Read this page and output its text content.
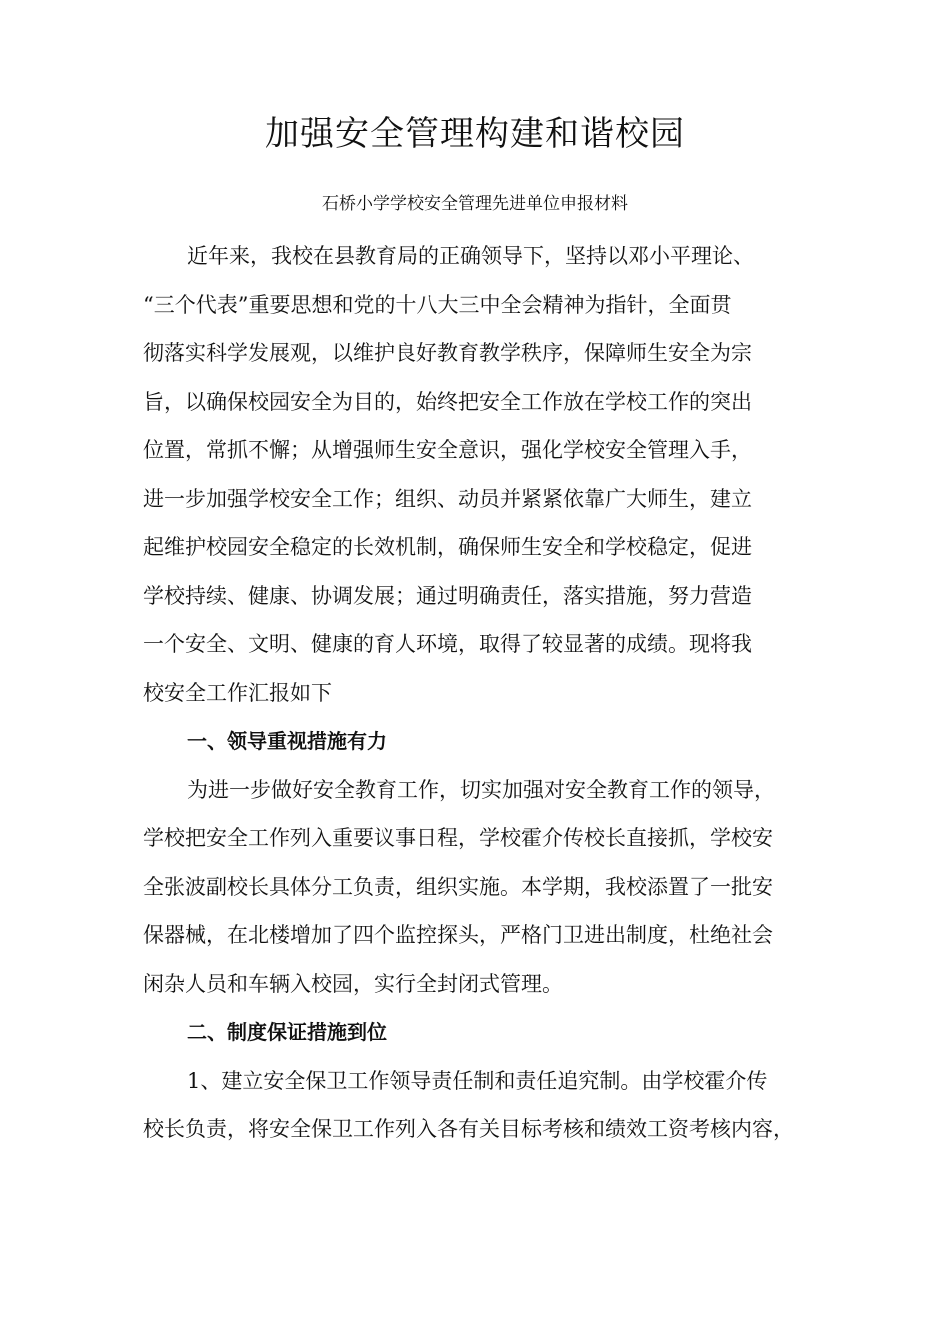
加强安全管理构建和谐校园

石桥小学学校安全管理先进单位申报材料

近年来，我校在县教育局的正确领导下，坚持以邓小平理论、
“三个代表”重要思想和党的十八大三中全会精神为指针，全面贯
彻落实科学发展观，以维护良好教育教学秩序，保障师生安全为宗
旨，以确保校园安全为目的，始终把安全工作放在学校工作的突出
位置，常抓不懈；从增强师生安全意识，强化学校安全管理入手，
进一步加强学校安全工作；组织、动员并紧紧依靠广大师生，建立
起维护校园安全稳定的长效机制，确保师生安全和学校稳定，促进
学校持续、健康、协调发展；通过明确责任，落实措施，努力营造
一个安全、文明、健康的育人环境，取得了较显著的成绩。现将我
校安全工作汇报如下
一、领导重视措施有力
为进一步做好安全教育工作，切实加强对安全教育工作的领导，
学校把安全工作列入重要议事日程，学校霍介传校长直接抓，学校安
全张波副校长具体分工负责，组织实施。本学期，我校添置了一批安
保器械，在北楼增加了四个监控探头，严格门卫进出制度，杜绝社会
闲杂人员和车辆入校园，实行全封闭式管理。
二、制度保证措施到位
1、建立安全保卫工作领导责任制和责任追究制。由学校霍介传
校长负责，将安全保卫工作列入各有关目标考核和绩效工资考核内容，
